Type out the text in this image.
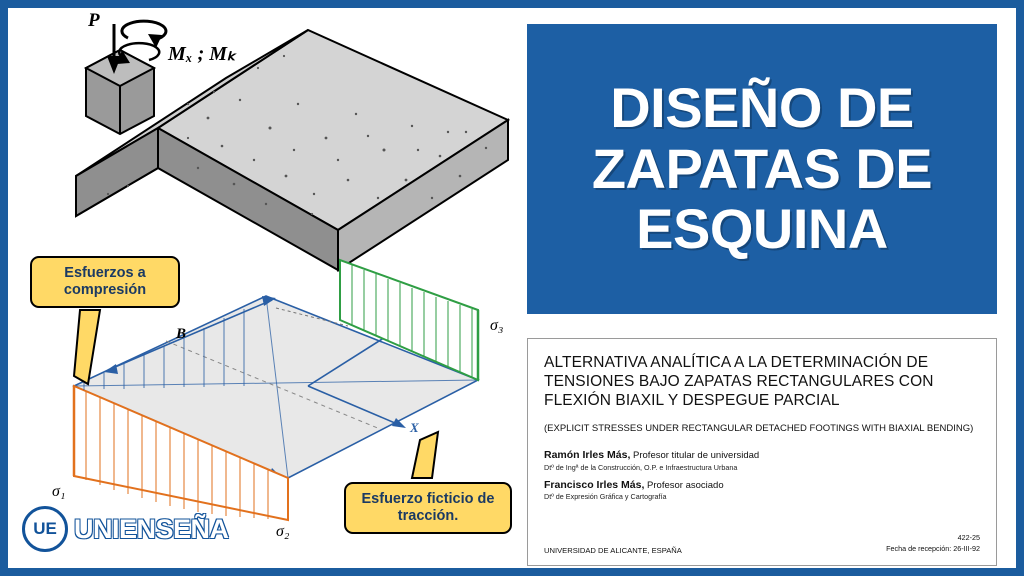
P
Mₓ ; Mₖ
B
X
σ₁
σ₂
σ₃
Esfuerzos a compresión
Esfuerzo ficticio de tracción.
UE UNIENSEÑA
DISEÑO DE
ZAPATAS DE
ESQUINA
ALTERNATIVA ANALÍTICA A LA DETERMINACIÓN DE TENSIONES BAJO ZAPATAS RECTANGULARES CON FLEXIÓN BIAXIL Y DESPEGUE PARCIAL
(EXPLICIT STRESSES UNDER RECTANGULAR DETACHED FOOTINGS WITH BIAXIAL BENDING)
Ramón Irles Más, Profesor titular de universidad
Dtº de Ingª de la Construcción, O.P. e Infraestructura Urbana
Francisco Irles Más, Profesor asociado
Dtº de Expresión Gráfica y Cartografía
UNIVERSIDAD DE ALICANTE, ESPAÑA
422-25
Fecha de recepción: 26-III-92
